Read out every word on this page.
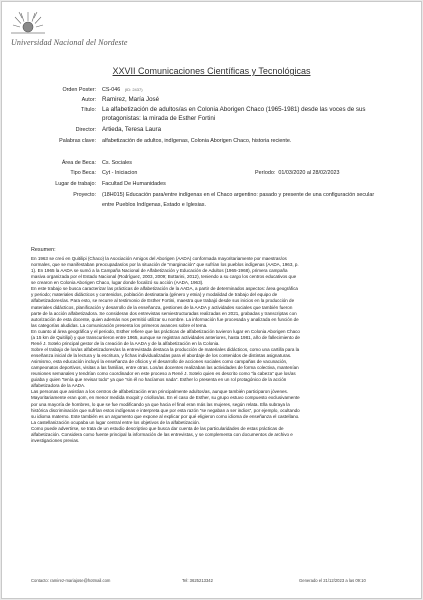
Universidad Nacional del Nordeste
XXVII Comunicaciones Científicas y Tecnológicas
Orden Poster: CS-046 (ID: 2437)
Autor: Ramirez, María José
Título: La alfabetización de adultos/as en Colonia Aborigen Chaco (1965-1981) desde las voces de sus
protagonistas: la mirada de Esther Fortini
Director: Artieda, Teresa Laura
Palabras clave: alfabetización de adultos, indígenas, Colonia Aborigen Chaco, historia reciente.
Área de Beca: Cs. Sociales
Tipo Beca: Cyt - Iniciacion	Período: 01/03/2020 al 28/02/2023
Lugar de trabajo: Facultad De Humanidades
Proyecto: (18H015) Educación para/entre indígenas en el Chaco argentino: pasado y presente de una configuración secular
entre Pueblos Indígenas, Estado e Iglesias.
Resumen:

En 1963 se creó en Quitilipi (Chaco) la Asociación Amigos del Aborigen (AADA) conformada mayoritariamente por maestras/os

normales, que se manifestaban preocupadas/os por la situación de “marginación” que sufrían los pueblos indígenas (AADA, 1963, p.

1). En 1965 la AADA se sumó a la Campaña Nacional de Alfabetización y Educación de Adultos (1965-1968), primera campaña

masiva organizada por el Estado Nacional (Rodríguez, 2003, 2009; Bottarini, 2012), teniendo a su cargo los centros educativos que

se crearon en Colonia Aborigen Chaco, lugar donde focalizó su acción (AADA, 1963).

En este trabajo se busca caracterizar las prácticas de alfabetización de la AADA, a partir de determinados aspectos: área geográfica

y periodo; materiales didácticos y contenidos, población destinataria (género y etnia) y modalidad de trabajo del equipo de

alfabetizadores/as. Para esto, se recurre al testimonio de Esther Fortini, maestra que trabajó desde sus inicios en la producción de

materiales didácticos, planificación y desarrollo de la enseñanza, gestiones de la AADA y actividades sociales que también fueron

parte de la acción alfabetizadora. Se consideran dos entrevistas semiestructuradas realizadas en 2021, grabadas y transcriptas con

autorización de esta docente, quien además nos permitió utilizar su nombre. La información fue procesada y analizada en función de

las categorías aludidas. La comunicación presenta los primeros avances sobre el tema.

En cuanto al área geográfica y el periodo, Esther refiere que las prácticas de alfabetización tuvieron lugar en Colonia Aborigen Chaco

(a 15 km de Quitilipi) y que transcurrieron entre 1965, aunque se registran actividades anteriores, hasta 1981, año de fallecimiento de

René J. Sotelo principal gestor de la creación de la AADA y de la alfabetización en la Colonia.

Sobre el trabajo de los/as alfabetizadores/as la entrevistada destaca la producción de materiales didácticos, como una cartilla para la

enseñanza inicial de la lectura y la escritura, y fichas individualizadas para el abordaje de los contenidos de distintas asignaturas.

Asimismo, esta educación incluyó la enseñanza de oficios y el desarrollo de acciones sociales como campañas de vacunación,

campeonatos deportivos, visitas a las familias, entre otras. Los/as docentes realizaban las actividades de forma colectiva, mantenían

reuniones semanales y tendrían como coordinador en este proceso a René J. Sotelo quien es descrito como “la cabeza” que los/as

guiaba y quien “tenía que revisar todo” ya que “sin él no hacíamos nada”. Esther lo presenta en un rol protagónico de la acción

alfabetizadora de la AADA.

Las personas que asistían a los centros de alfabetización eran principalmente adultos/as, aunque también participaron jóvenes.

Mayoritariamente eran qom, en menor medida moqoit y criollos/as. En el caso de Esther, su grupo estuvo compuesto exclusivamente

por una mayoría de hombres, lo que se fue modificando ya que hacia el final eran más las mujeres, según relata. Ella subraya la

histórica discriminación que sufrían estos indígenas e interpreta que por esta razón “se negaban a ser indios”, por ejemplo, ocultando

su idioma materno. Este también es un argumento que expone al explicar por qué eligieron como idioma de enseñanza el castellano.

La castellanización ocupaba un lugar central entre los objetivos de la alfabetización.

Como puede advertirse, se trata de un estudio descriptivo que busca dar cuenta de las particularidades de estas prácticas de

alfabetización. Considera como fuente principal la información de las entrevistas, y se complementa con documentos de archivo e

investigaciones previas.

Contacto: ramirez-mariajose@hotmail.com	Tel: 3625213342	Generado el 21/12/2023 a las 09:10
